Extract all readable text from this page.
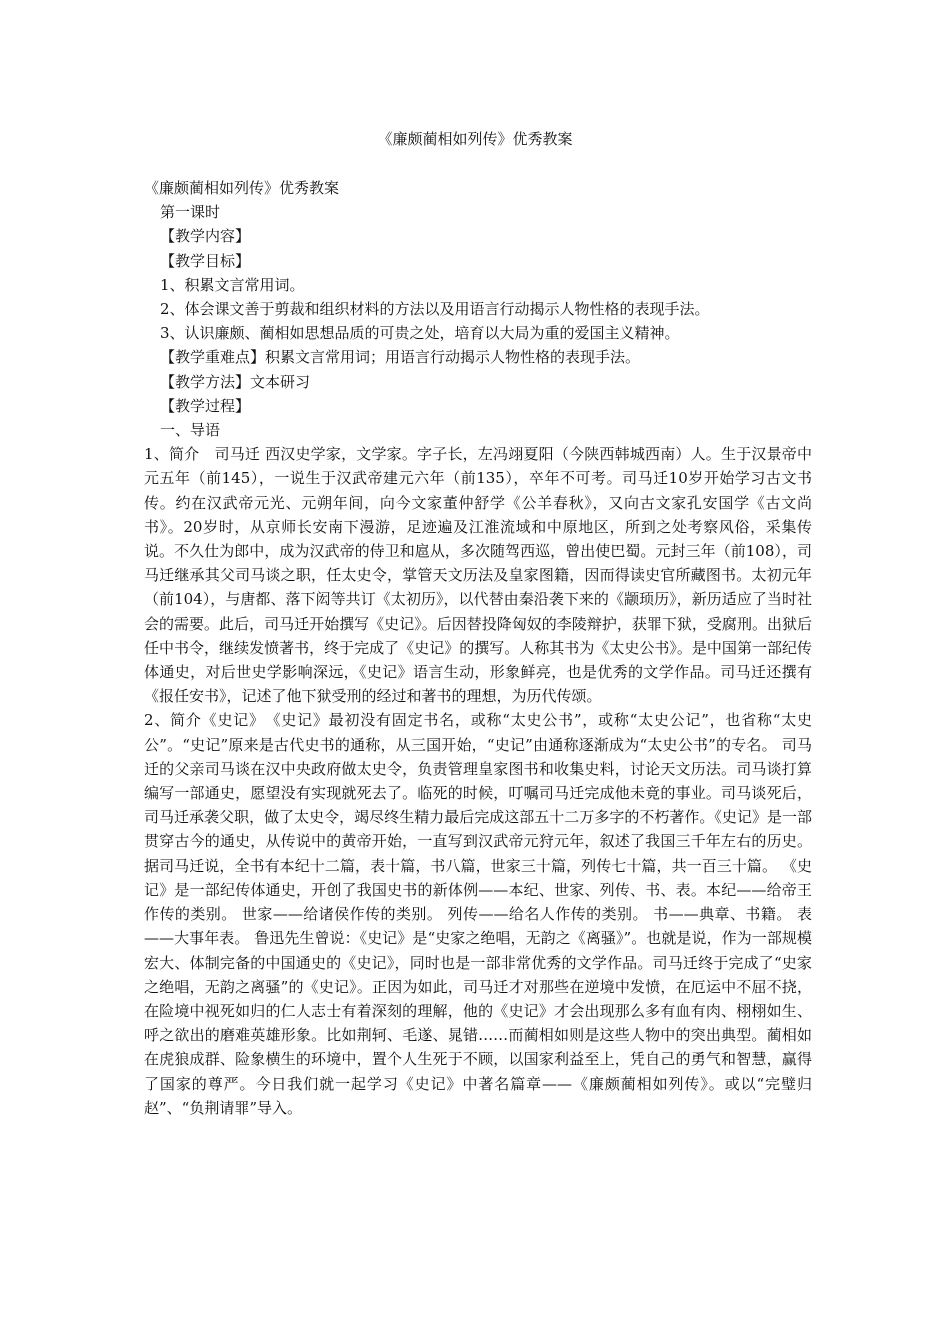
《廉颇蔺相如列传》优秀教案

《廉颇蔺相如列传》优秀教案

第一课时

【教学内容】

【教学目标】

1、积累文言常用词。

2、体会课文善于剪裁和组织材料的方法以及用语言行动揭示人物性格的表现手法。

3、认识廉颇、蔺相如思想品质的可贵之处，培育以大局为重的爱国主义精神。

【教学重难点】积累文言常用词；用语言行动揭示人物性格的表现手法。

【教学方法】文本研习

【教学过程】

一、导语

1、简介　司马迁 西汉史学家，文学家。字子长，左冯翊夏阳（今陕西韩城西南）人。生于汉景帝中元五年（前145），一说生于汉武帝建元六年（前135），卒年不可考。司马迁10岁开始学习古文书传。约在汉武帝元光、元朔年间，向今文家董仲舒学《公羊春秋》，又向古文家孔安国学《古文尚书》。20岁时，从京师长安南下漫游，足迹遍及江淮流域和中原地区，所到之处考察风俗，采集传说。不久仕为郎中，成为汉武帝的侍卫和扈从，多次随驾西巡，曾出使巴蜀。元封三年（前108），司马迁继承其父司马谈之职，任太史令，掌管天文历法及皇家图籍，因而得读史官所藏图书。太初元年（前104），与唐都、落下闳等共订《太初历》，以代替由秦沿袭下来的《颛顼历》，新历适应了当时社会的需要。此后，司马迁开始撰写《史记》。后因替投降匈奴的李陵辩护，获罪下狱，受腐刑。出狱后任中书令，继续发愤著书，终于完成了《史记》的撰写。人称其书为《太史公书》。是中国第一部纪传体通史，对后世史学影响深远，《史记》语言生动，形象鲜亮，也是优秀的文学作品。司马迁还撰有《报任安书》，记述了他下狱受刑的经过和著书的理想，为历代传颂。

2、简介《史记》　《史记》最初没有固定书名，或称“太史公书”，或称“太史公记”，也省称“太史公”。“史记”原来是古代史书的通称，从三国开始，“史记”由通称逐渐成为“太史公书”的专名。 司马迁的父亲司马谈在汉中央政府做太史令，负责管理皇家图书和收集史料，讨论天文历法。司马谈打算编写一部通史，愿望没有实现就死去了。临死的时候，叮嘱司马迁完成他未竟的事业。司马谈死后，司马迁承袭父职，做了太史令，竭尽终生精力最后完成这部五十二万多字的不朽著作。《史记》是一部贯穿古今的通史，从传说中的黄帝开始，一直写到汉武帝元狩元年，叙述了我国三千年左右的历史。据司马迁说，全书有本纪十二篇，表十篇，书八篇，世家三十篇，列传七十篇，共一百三十篇。 《史记》是一部纪传体通史，开创了我国史书的新体例——本纪、世家、列传、书、表。本纪——给帝王作传的类别。 世家——给诸侯作传的类别。 列传——给名人作传的类别。 书——典章、书籍。 表——大事年表。 鲁迅先生曾说：《史记》是“史家之绝唱，无韵之《离骚》”。也就是说，作为一部规模宏大、体制完备的中国通史的《史记》，同时也是一部非常优秀的文学作品。司马迁终于完成了“史家之绝唱，无韵之离骚”的《史记》。正因为如此，司马迁才对那些在逆境中发愤，在厄运中不屈不挠，在险境中视死如归的仁人志士有着深刻的理解，他的《史记》才会出现那么多有血有肉、栩栩如生、呼之欲出的磨难英雄形象。比如荆轲、毛遂、晁错……而蔺相如则是这些人物中的突出典型。蔺相如在虎狼成群、险象横生的环境中，置个人生死于不顾，以国家利益至上，凭自己的勇气和智慧，赢得了国家的尊严。今日我们就一起学习《史记》中著名篇章——《廉颇蔺相如列传》。或以“完璧归赵”、“负荆请罪”导入。
